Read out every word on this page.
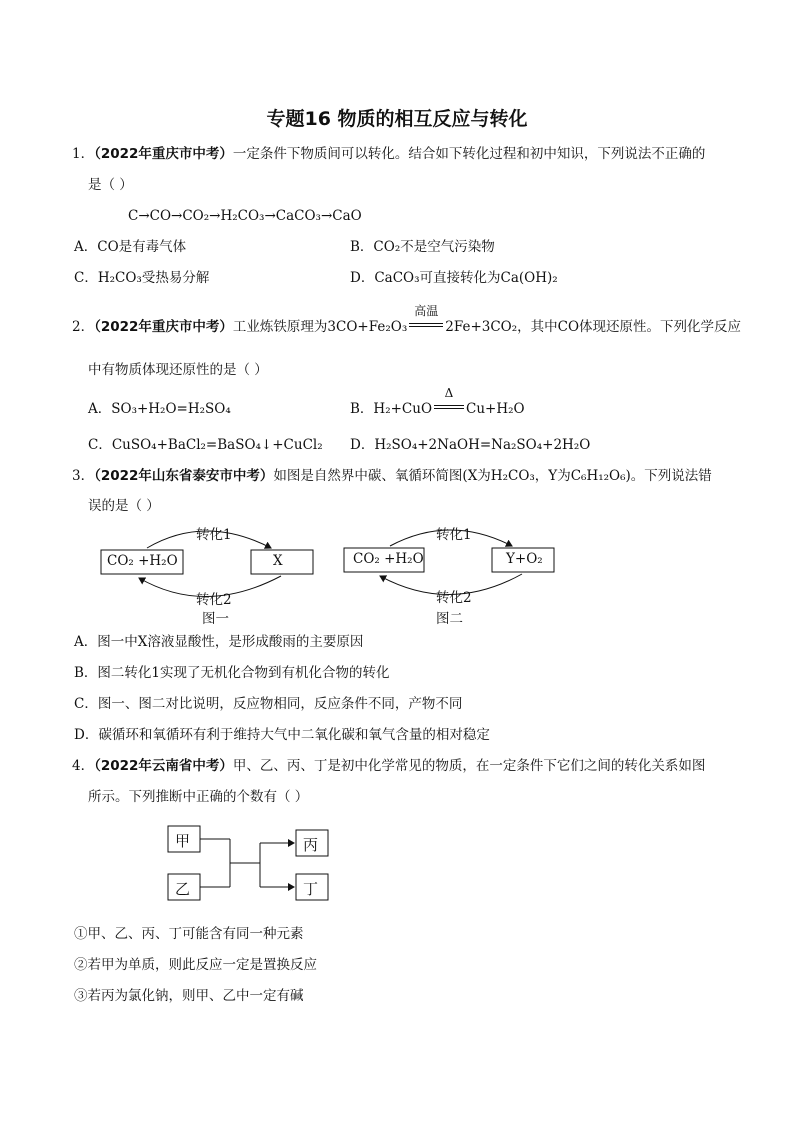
专题16 物质的相互反应与转化
1．（2022年重庆市中考）一定条件下物质间可以转化。结合如下转化过程和初中知识，下列说法不正确的
是（ ）
C→CO→CO₂→H₂CO₃→CaCO₃→CaO
A．CO是有毒气体	B．CO₂不是空气污染物
C．H₂CO₃受热易分解	D．CaCO₃可直接转化为Ca(OH)₂
2．（2022年重庆市中考）工业炼铁原理为3CO+Fe₂O₃
高温
2Fe+3CO₂，其中CO体现还原性。下列化学反应
中有物质体现还原性的是（ ）
A．SO₃+H₂O=H₂SO₄	B．H₂+CuO
Δ
Cu+H₂O
C．CuSO₄+BaCl₂=BaSO₄↓+CuCl₂ D．H₂SO₄+2NaOH=Na₂SO₄+2H₂O
3．（2022年山东省泰安市中考）如图是自然界中碳、氧循环简图(X为H₂CO₃，Y为C₆H₁₂O₆)。下列说法错
误的是（ ）
转化1
CO₂ +H₂O	X
转化2
图一
转化1
CO₂ +H₂O	Y+O₂
转化2
图二
A．图一中X溶液显酸性，是形成酸雨的主要原因
B．图二转化1实现了无机化合物到有机化合物的转化
C．图一、图二对比说明，反应物相同，反应条件不同，产物不同
D．碳循环和氧循环有利于维持大气中二氧化碳和氧气含量的相对稳定
4．（2022年云南省中考）甲、乙、丙、丁是初中化学常见的物质，在一定条件下它们之间的转化关系如图
所示。下列推断中正确的个数有（ ）
甲
乙
丙
丁
①甲、乙、丙、丁可能含有同一种元素
②若甲为单质，则此反应一定是置换反应
③若丙为氯化钠，则甲、乙中一定有碱
